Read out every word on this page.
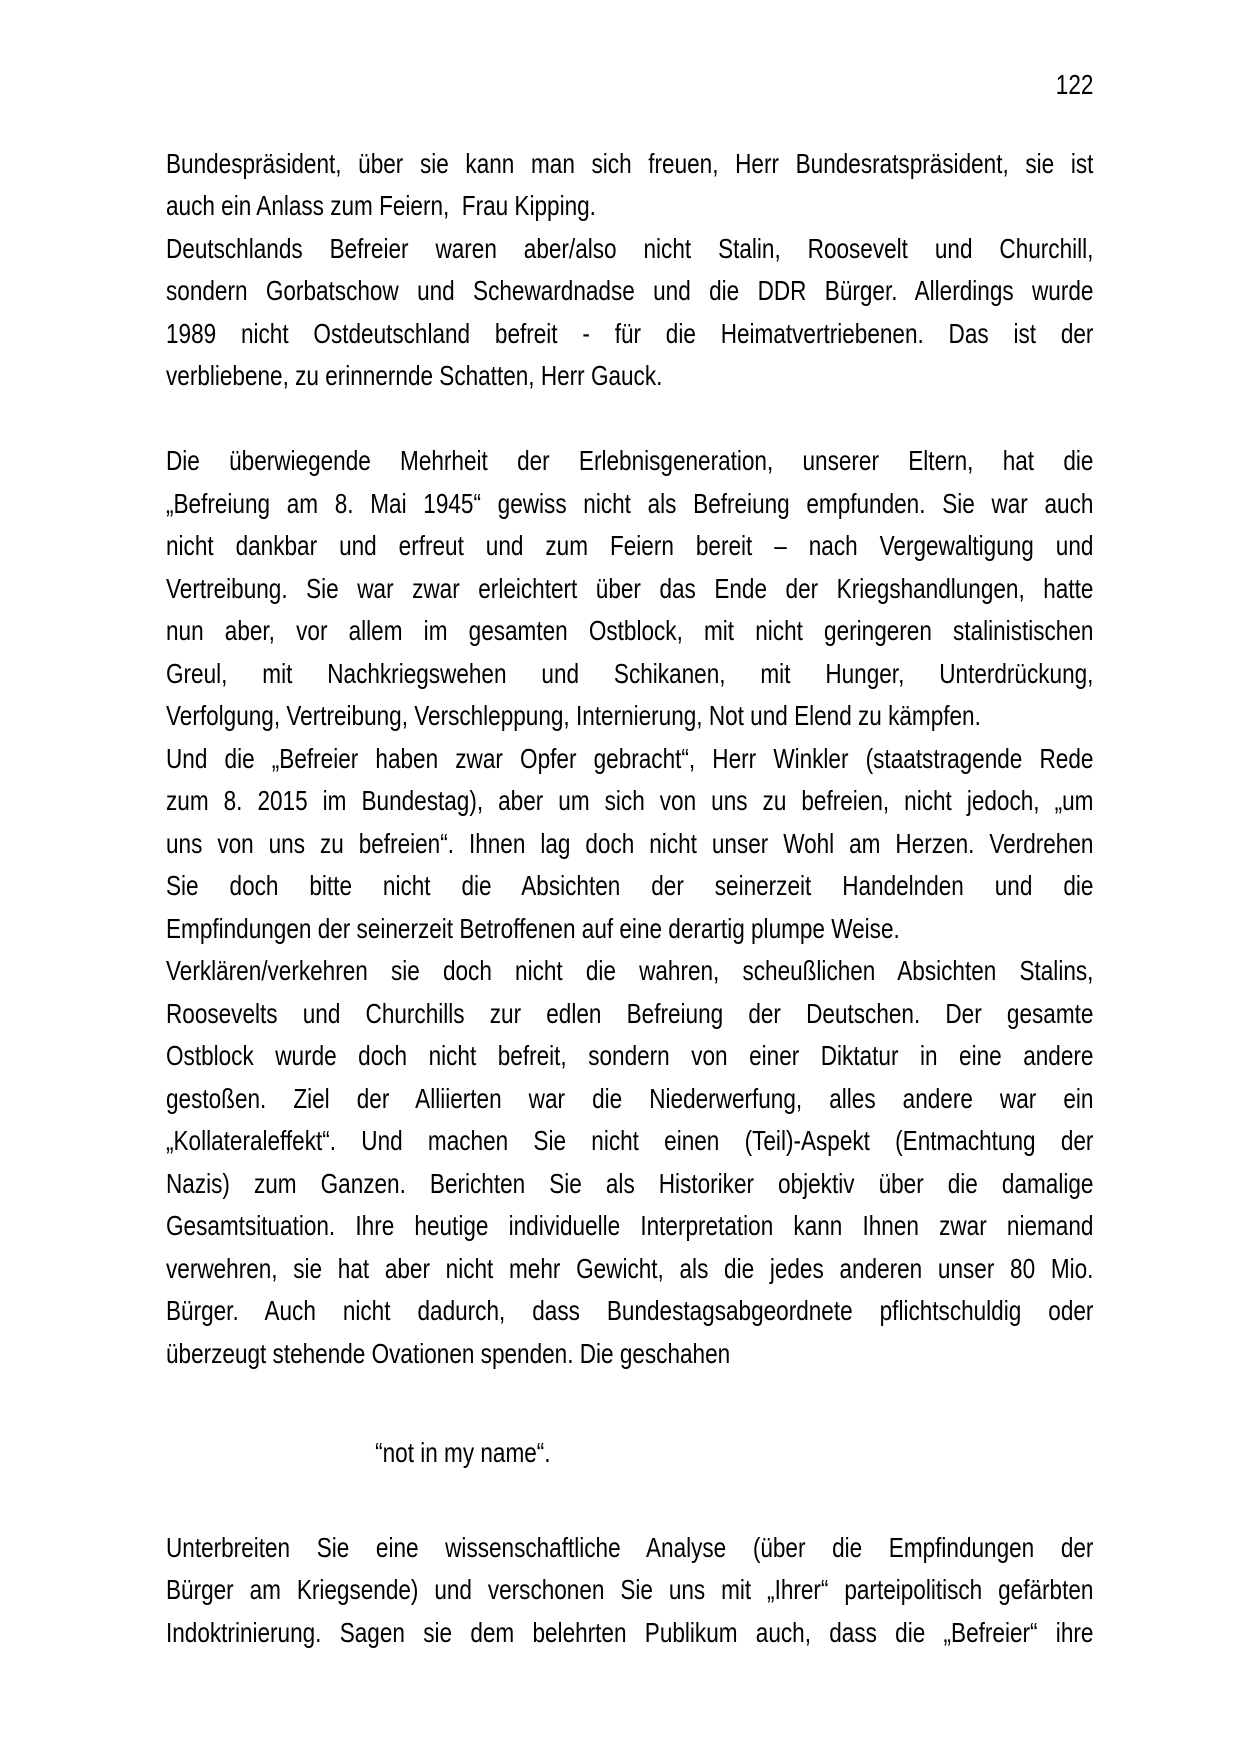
122
Bundespräsident, über sie kann man sich freuen, Herr Bundesratspräsident, sie ist
auch ein Anlass zum Feiern,  Frau Kipping.
Deutschlands Befreier waren aber/also nicht Stalin, Roosevelt und Churchill,
sondern Gorbatschow und Schewardnadse und die DDR Bürger. Allerdings wurde
1989 nicht Ostdeutschland befreit - für die Heimatvertriebenen. Das ist der
verbliebene, zu erinnernde Schatten, Herr Gauck.
Die überwiegende Mehrheit der Erlebnisgeneration, unserer Eltern, hat die
„Befreiung am 8. Mai 1945“ gewiss nicht als Befreiung empfunden. Sie war auch
nicht dankbar und erfreut und zum Feiern bereit – nach Vergewaltigung und
Vertreibung. Sie war zwar erleichtert über das Ende der Kriegshandlungen, hatte
nun aber, vor allem im gesamten Ostblock, mit nicht geringeren stalinistischen
Greul, mit Nachkriegswehen und Schikanen, mit Hunger, Unterdrückung,
Verfolgung, Vertreibung, Verschleppung, Internierung, Not und Elend zu kämpfen.
Und die „Befreier haben zwar Opfer gebracht“, Herr Winkler (staatstragende Rede
zum 8. 2015 im Bundestag), aber um sich von uns zu befreien, nicht jedoch, „um
uns von uns zu befreien“. Ihnen lag doch nicht unser Wohl am Herzen. Verdrehen
Sie doch bitte nicht die Absichten der seinerzeit Handelnden und die
Empfindungen der seinerzeit Betroffenen auf eine derartig plumpe Weise.
Verklären/verkehren sie doch nicht die wahren, scheußlichen Absichten Stalins,
Roosevelts und Churchills zur edlen Befreiung der Deutschen. Der gesamte
Ostblock wurde doch nicht befreit, sondern von einer Diktatur in eine andere
gestoßen. Ziel der Alliierten war die Niederwerfung, alles andere war ein
„Kollateraleffekt“. Und machen Sie nicht einen (Teil)-Aspekt (Entmachtung der
Nazis) zum Ganzen. Berichten Sie als Historiker objektiv über die damalige
Gesamtsituation. Ihre heutige individuelle Interpretation kann Ihnen zwar niemand
verwehren, sie hat aber nicht mehr Gewicht, als die jedes anderen unser 80 Mio.
Bürger. Auch nicht dadurch, dass Bundestagsabgeordnete pflichtschuldig oder
überzeugt stehende Ovationen spenden. Die geschahen
“not in my name“.
Unterbreiten Sie eine wissenschaftliche Analyse (über die Empfindungen der
Bürger am Kriegsende) und verschonen Sie uns mit „Ihrer“ parteipolitisch gefärbten
Indoktrinierung. Sagen sie dem belehrten Publikum auch, dass die „Befreier“ ihre
